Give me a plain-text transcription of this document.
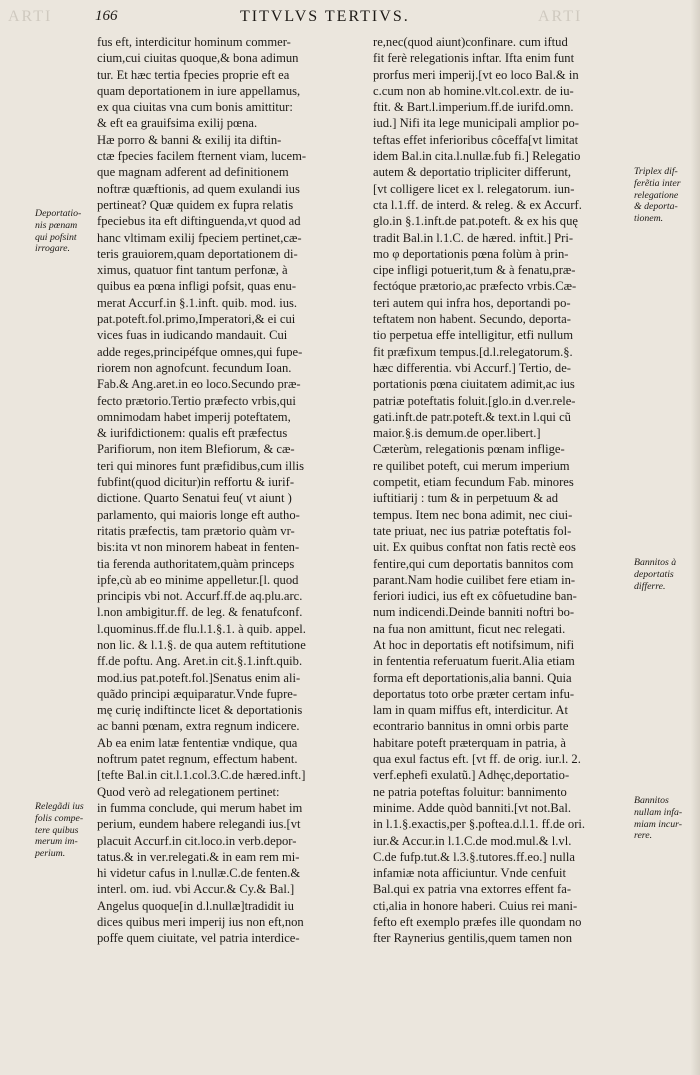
ARTI	166	TITVLVS TERTIVS.	ARTI
fus eft, interdicitur hominum commer-
cium,cui ciuitas quoque,& bona adimun
tur. Et hæc tertia fpecies proprie eft ea
quam deportationem in iure appellamus,
ex qua ciuitas vna cum bonis amittitur:
& eft ea grauifsima exilij pœna.
Hæ porro & banni & exilij ita diftin-
ctæ fpecies facilem fternent viam, lucem-
que magnam adferent ad definitionem
noftræ quæftionis, ad quem exulandi ius
pertineat? Quæ quidem ex fupra relatis
fpeciebus ita eft diftinguenda,vt quod ad
hanc vltimam exilij fpeciem pertinet,cæ-
teris grauiorem,quam deportationem di-
ximus, quatuor fint tantum perfonæ, à
quibus ea pœna infligi pofsit, quas enu-
merat Accurf.in §.1.inft. quib. mod. ius.
pat.poteft.fol.primo,Imperatori,& ei cui
vices fuas in iudicando mandauit. Cui
adde reges,principéfque omnes,qui fupe-
riorem non agnofcunt. fecundum Ioan.
Fab.& Ang.aret.in eo loco.Secundo præ-
fecto prætorio.Tertio præfecto vrbis,qui
omnimodam habet imperij poteftatem,
& iurifdictionem: qualis eft præfectus
Parifiorum, non item Blefiorum, & cæ-
teri qui minores funt præfidibus,cum illis
fubfint(quod dicitur)in reffortu & iurif-
dictione. Quarto Senatui feu( vt aiunt )
parlamento, qui maioris longe eft autho-
ritatis præfectis, tam prætorio quàm vr-
bis:ita vt non minorem habeat in fenten-
tia ferenda authoritatem,quàm princeps
ipfe,cù ab eo minime appelletur.[l. quod
principis vbi not. Accurf.ff.de aq.plu.arc.
l.non ambigitur.ff. de leg. & fenatufconf.
l.quominus.ff.de flu.l.1.§.1. à quib. appel.
non lic. & l.1.§. de qua autem reftitutione
ff.de poftu. Ang. Aret.in cit.§.1.inft.quib.
mod.ius pat.poteft.fol.]Senatus enim ali-
quãdo principi æquiparatur.Vnde fupre-
mę curię indiftincte licet & deportationis
ac banni pœnam, extra regnum indicere.
Ab ea enim latæ fententiæ vndique, qua
noftrum patet regnum, effectum habent.
[tefte Bal.in cit.l.1.col.3.C.de hæred.inft.]
Quod verò ad relegationem pertinet:
in fumma conclude, qui merum habet im
perium, eundem habere relegandi ius.[vt
placuit Accurf.in cit.loco.in verb.depor-
tatus.& in ver.relegati.& in eam rem mi-
hi videtur cafus in l.nullæ.C.de fenten.&
interl. om. iud. vbi Accur.& Cy.& Bal.]
Angelus quoque[in d.l.nullæ]tradidit iu
dices quibus meri imperij ius non eft,non
poffe quem ciuitate, vel patria interdice-
re,nec(quod aiunt)confinare. cum iftud
fit ferè relegationis inftar. Ifta enim funt
prorfus meri imperij.[vt eo loco Bal.& in
c.cum non ab homine.vlt.col.extr. de iu-
ftit. & Bart.l.imperium.ff.de iurifd.omn.
iud.] Nifi ita lege municipali amplior po-
teftas effet inferioribus côceffa[vt limitat
idem Bal.in cita.l.nullæ.fub fi.] Relegatio
autem & deportatio tripliciter differunt,
[vt colligere licet ex l. relegatorum. iun-
cta l.1.ff. de interd. & releg. & ex Accurf.
glo.in §.1.inft.de pat.poteft. & ex his quę
tradit Bal.in l.1.C. de hæred. inftit.] Pri-
mo φ deportationis pœna folùm à prin-
cipe infligi potuerit,tum & à fenatu,præ-
fectóque prætorio,ac præfecto vrbis.Cæ-
teri autem qui infra hos, deportandi po-
teftatem non habent. Secundo, deporta-
tio perpetua effe intelligitur, etfi nullum
fit præfixum tempus.[d.l.relegatorum.§.
hæc differentia. vbi Accurf.] Tertio, de-
portationis pœna ciuitatem adimit,ac ius
patriæ poteftatis foluit.[glo.in d.ver.rele-
gati.inft.de patr.poteft.& text.in l.qui cũ
maior.§.is demum.de oper.libert.]
Cæterùm, relegationis pœnam inflige-
re quilibet poteft, cui merum imperium
competit, etiam fecundum Fab. minores
iuftitiarij : tum & in perpetuum & ad
tempus. Item nec bona adimit, nec ciui-
tate priuat, nec ius patriæ poteftatis fol-
uit. Ex quibus conftat non fatis rectè eos
fentire,qui cum deportatis bannitos com
parant.Nam hodie cuilibet fere etiam in-
feriori iudici, ius eft ex côfuetudine ban-
num indicendi.Deinde banniti noftri bo-
na fua non amittunt, ficut nec relegati.
At hoc in deportatis eft notifsimum, nifi
in fententia referuatum fuerit.Alia etiam
forma eft deportationis,alia banni. Quia
deportatus toto orbe præter certam infu-
lam in quam miffus eft, interdicitur. At
econtrario bannitus in omni orbis parte
habitare poteft præterquam in patria, à
qua exul factus eft. [vt ff. de orig. iur.l. 2.
verf.ephefi exulatũ.] Adhęc,deportatio-
ne patria poteftas foluitur: bannimento
minime. Adde quòd banniti.[vt not.Bal.
in l.1.§.exactis,per §.poftea.d.l.1. ff.de ori.
iur.& Accur.in l.1.C.de mod.mul.& l.vl.
C.de fufp.tut.& l.3.§.tutores.ff.eo.] nulla
infamiæ nota afficiuntur. Vnde cenfuit
Bal.qui ex patria vna extorres effent fa-
cti,alia in honore haberi. Cuius rei mani-
fefto eft exemplo præfes ille quondam no
fter Raynerius gentilis,quem tamen non
Deportatio-
nis pœnam
qui pofsint
irrogare.
Relegãdi ius
folis compe-
tere quibus
merum im-
perium.
Triplex dif-
ferẽtia inter
relegatione
& deporta-
tionem.
Bannitos à
deportatis
differre.
Bannitos
nullam infa-
miam incur-
rere.
